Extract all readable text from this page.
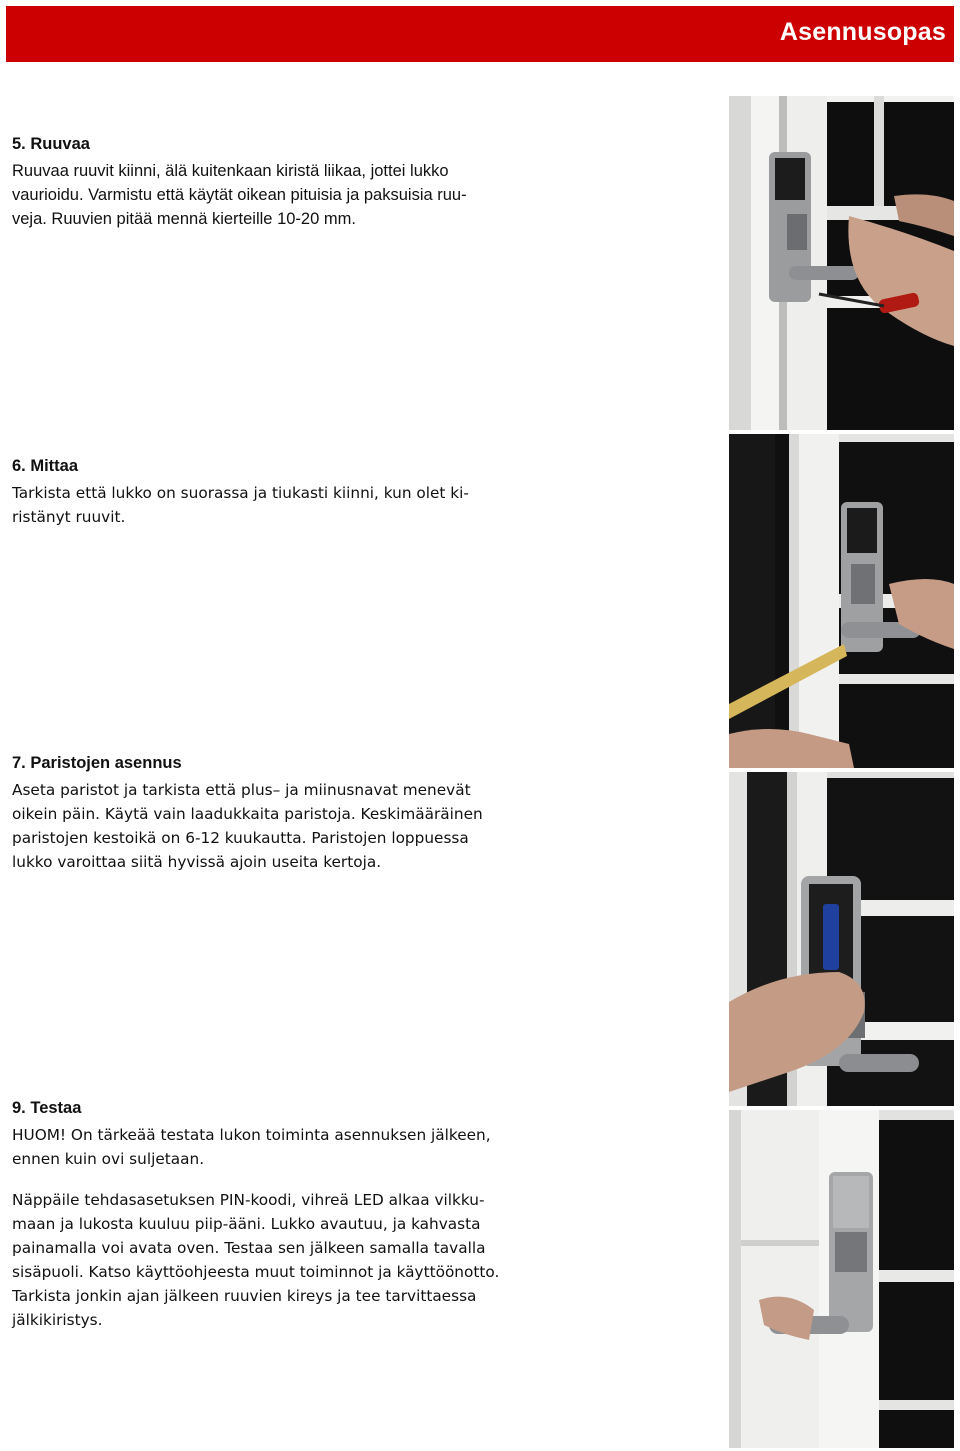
Asennusopas
5. Ruuvaa

Ruuvaa ruuvit kiinni, älä kuitenkaan kiristä liikaa, jottei lukko

vaurioidu. Varmistu että käytät oikean pituisia ja paksuisia ruu-

veja. Ruuvien pitää mennä kierteille 10-20 mm.

6. Mittaa

Tarkista että lukko on suorassa ja tiukasti kiinni, kun olet ki-

ristänyt ruuvit.

7. Paristojen asennus

Aseta paristot ja tarkista että plus– ja miinusnavat menevät

oikein päin. Käytä vain laadukkaita paristoja. Keskimääräinen

paristojen kestoikä on 6-12 kuukautta. Paristojen loppuessa

lukko varoittaa siitä hyvissä ajoin useita kertoja.

9. Testaa

HUOM! On tärkeää testata lukon toiminta asennuksen jälkeen,

ennen kuin ovi suljetaan.

Näppäile tehdasasetuksen PIN-koodi, vihreä LED alkaa vilkku-

maan ja lukosta kuuluu piip-ääni. Lukko avautuu, ja kahvasta

painamalla voi avata oven. Testaa sen jälkeen samalla tavalla

sisäpuoli. Katso käyttöohjeesta muut toiminnot ja käyttöönotto.

Tarkista jonkin ajan jälkeen ruuvien kireys ja tee tarvittaessa

jälkikiristys.
